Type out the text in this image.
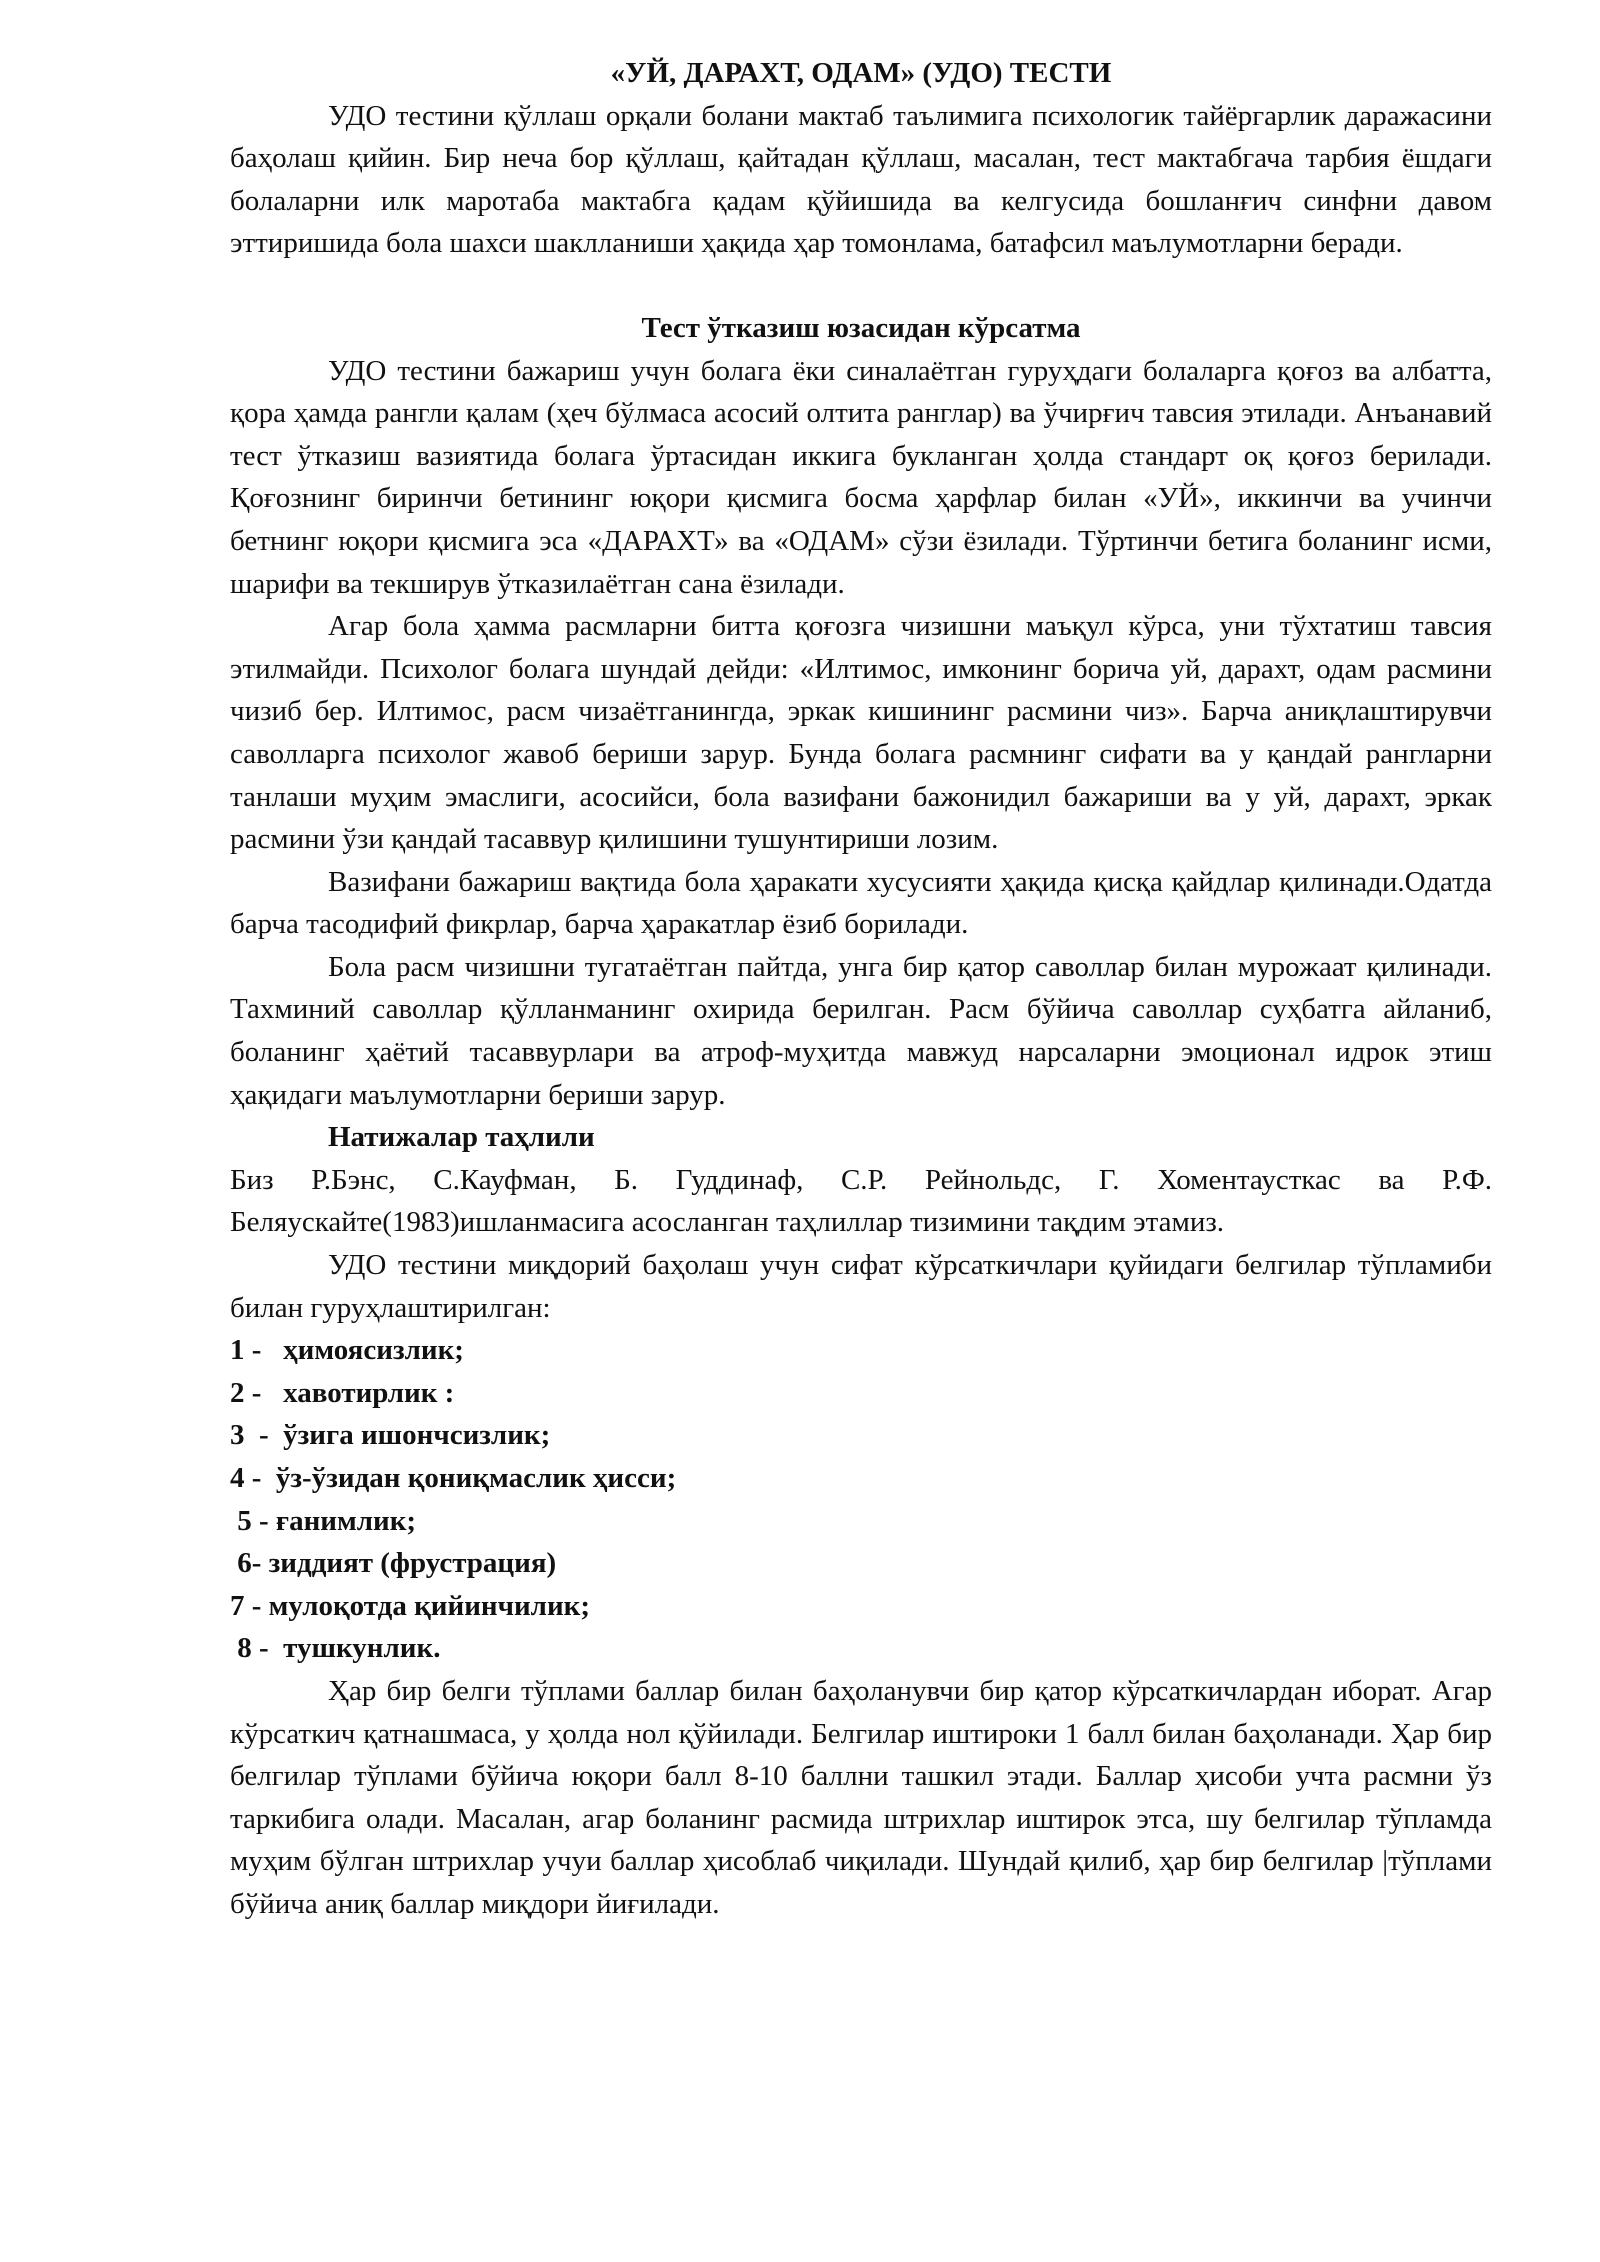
«УЙ, ДАРАХТ, ОДАМ» (УДО) ТЕСТИ

УДО тестини қўллаш орқали болани мактаб таълимига психологик тайёргарлик даражасини баҳолаш қийин. Бир неча бор қўллаш, қайтадан қўллаш, масалан, тест мактабгача тарбия ёшдаги болаларни илк маротаба мактабга қадам қўйишида ва келгусида бошланғич синфни давом эттиришида бола шахси шаклланиши ҳақида ҳар томонлама, батафсил маълумотларни беради.

Тест ўтказиш юзасидан кўрсатма

УДО тестини бажариш учун болага ёки синалаётган гуруҳдаги болаларга қоғоз ва албатта, қора ҳамда рангли қалам (ҳеч бўлмаса асосий олтита ранглар) ва ўчирғич тавсия этилади. Анъанавий тест ўтказиш вазиятида болага ўртасидан иккига букланган ҳолда стандарт оқ қоғоз берилади. Қоғознинг биринчи бетининг юқори қисмига босма ҳарфлар билан «УЙ», иккинчи ва учинчи бетнинг юқори қисмига эса «ДАРАХТ» ва «ОДАМ» сўзи ёзилади. Тўртинчи бетига боланинг исми, шарифи ва текширув ўтказилаётган сана ёзилади.

Агар бола ҳамма расмларни битта қоғозга чизишни маъқул кўрса, уни тўхтатиш тавсия этилмайди. Психолог болага шундай дейди: «Илтимос, имконинг борича уй, дарахт, одам расмини чизиб бер. Илтимос, расм чизаётганингда, эркак кишининг расмини чиз». Барча аниқлаштирувчи саволларга психолог жавоб бериши зарур. Бунда болага расмнинг сифати ва у қандай рангларни танлаши муҳим эмаслиги, асосийси, бола вазифани бажонидил бажариши ва у уй, дарахт, эркак расмини ўзи қандай тасаввур қилишини тушунтириши лозим.

Вазифани бажариш вақтида бола ҳаракати хусусияти ҳақида қисқа қайдлар қилинади.Одатда барча тасодифий фикрлар, барча ҳаракатлар ёзиб борилади.

Бола расм чизишни тугатаётган пайтда, унга бир қатор саволлар билан мурожаат қилинади. Тахминий саволлар қўлланманинг охирида берилган. Расм бўйича саволлар суҳбатга айланиб, боланинг ҳаётий тасаввурлари ва атроф-муҳитда мавжуд нарсаларни эмоционал идрок этиш ҳақидаги маълумотларни бериши зарур.

Натижалар таҳлили

Биз Р.Бэнс, С.Кауфман, Б. Гуддинаф, С.Р. Рейнольдс, Г. Хоментаусткас ва Р.Ф. Беляускайте(1983)ишланмасига асосланган таҳлиллар тизимини тақдим этамиз.

УДО тестини миқдорий баҳолаш учун сифат кўрсаткичлари қуйидаги белгилар тўпламиби билан гуруҳлаштирилган:

1 -   ҳимоясизлик;
2 -   хавотирлик :
3  -  ўзига ишончсизлик;
4 -  ўз-ўзидан қониқмаслик ҳисси;
5 - ғанимлик;
6- зиддият (фрустрация)
7 - мулоқотда қийинчилик;
8 -  тушкунлик.

Ҳар бир белги тўплами баллар билан баҳоланувчи бир қатор кўрсаткичлардан иборат. Агар кўрсаткич қатнашмаса, у ҳолда нол қўйилади. Белгилар иштироки 1 балл билан баҳоланади. Ҳар бир белгилар тўплами бўйича юқори балл 8-10 баллни ташкил этади. Баллар ҳисоби учта расмни ўз таркибига олади. Масалан, агар боланинг расмида штрихлар иштирок этса, шу белгилар тўпламда муҳим бўлган штрихлар учуи баллар ҳисоблаб чиқилади. Шундай қилиб, ҳар бир белгилар |тўплами бўйича аниқ баллар миқдори йиғилади.
